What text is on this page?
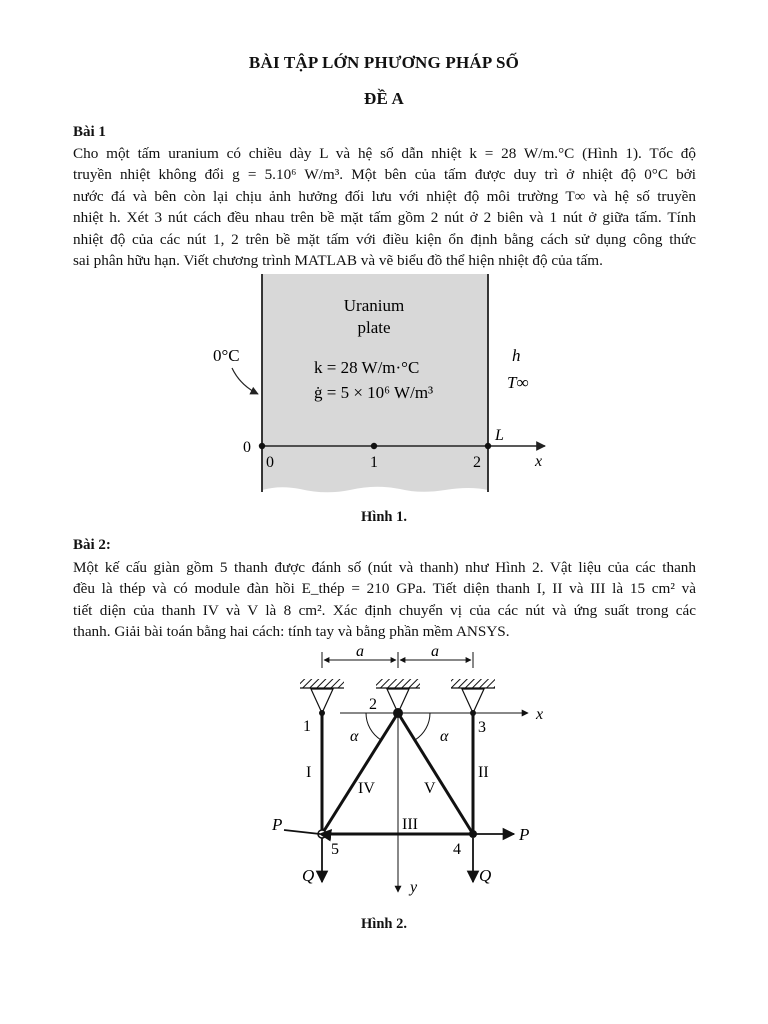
BÀI TẬP LỚN PHƯƠNG PHÁP SỐ
ĐỀ A
Bài 1
Cho một tấm uranium có chiều dày L và hệ số dẫn nhiệt k = 28 W/m.°C (Hình 1). Tốc độ
truyền nhiệt không đổi g = 5.10⁶ W/m³. Một bên của tấm được duy trì ở nhiệt độ 0°C bởi
nước đá và bên còn lại chịu ảnh hưởng đối lưu với nhiệt độ môi trường T∞ và hệ số truyền
nhiệt h. Xét 3 nút cách đều nhau trên bề mặt tấm gồm 2 nút ở 2 biên và 1 nút ở giữa tấm. Tính
nhiệt độ của các nút 1, 2 trên bề mặt tấm với điều kiện ổn định bằng cách sử dụng công thức
sai phân hữu hạn. Viết chương trình MATLAB và vẽ biểu đồ thể hiện nhiệt độ của tấm.
Uranium
plate
k = 28 W/m·°C
ġ = 5 × 10⁶ W/m³
0°C	h
T∞
0
L
x
0	1	2
Hình 1.
Bài 2:
Một kế cấu giàn gồm 5 thanh được đánh số (nút và thanh) như Hình 2. Vật liệu của các thanh
đều là thép và có module đàn hồi E_thép = 210 GPa. Tiết diện thanh I, II và III là 15 cm² và
tiết diện của thanh IV và V là 8 cm². Xác định chuyển vị của các nút và ứng suất trong các
thanh. Giải bài toán bằng hai cách: tính tay và bằng phần mềm ANSYS.
a	a
x
y
α	α
1
2
3
4
5
I	II
III
IV	V
P
P
Q	Q
Hình 2.
